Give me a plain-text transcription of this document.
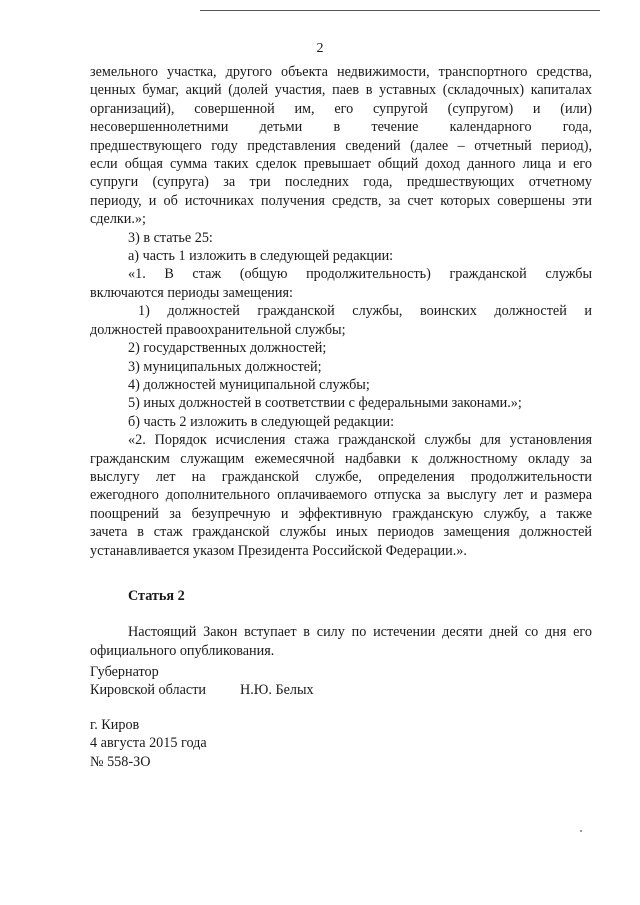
2

земельного участка, другого объекта недвижимости, транспортного средства,

ценных бумаг, акций (долей участия, паев в уставных (складочных) капиталах

организаций), совершенной им, его супругой (супругом) и (или)

несовершеннолетними детьми в течение календарного года,

предшествующего году представления сведений (далее – отчетный период),

если общая сумма таких сделок превышает общий доход данного лица и его

супруги (супруга) за три последних года, предшествующих отчетному

периоду, и об источниках получения средств, за счет которых совершены эти

сделки.»;

3) в статье 25:

а) часть 1 изложить в следующей редакции:

«1. В стаж (общую продолжительность) гражданской службы

включаются периоды замещения:

1) должностей гражданской службы, воинских должностей и

должностей правоохранительной службы;

2) государственных должностей;

3) муниципальных должностей;

4) должностей муниципальной службы;

5) иных должностей в соответствии с федеральными законами.»;

б) часть 2 изложить в следующей редакции:

«2. Порядок исчисления стажа гражданской службы для установления

гражданским служащим ежемесячной надбавки к должностному окладу за

выслугу лет на гражданской службе, определения продолжительности

ежегодного дополнительного оплачиваемого отпуска за выслугу лет и размера

поощрений за безупречную и эффективную гражданскую службу, а также

зачета в стаж гражданской службы иных периодов замещения должностей

устанавливается указом Президента Российской Федерации.».

Статья 2

Настоящий Закон вступает в силу по истечении десяти дней со дня его

официального опубликования.

Губернатор
Кировской области	Н.Ю. Белых
г. Киров
4 августа 2015 года
№ 558-ЗО
